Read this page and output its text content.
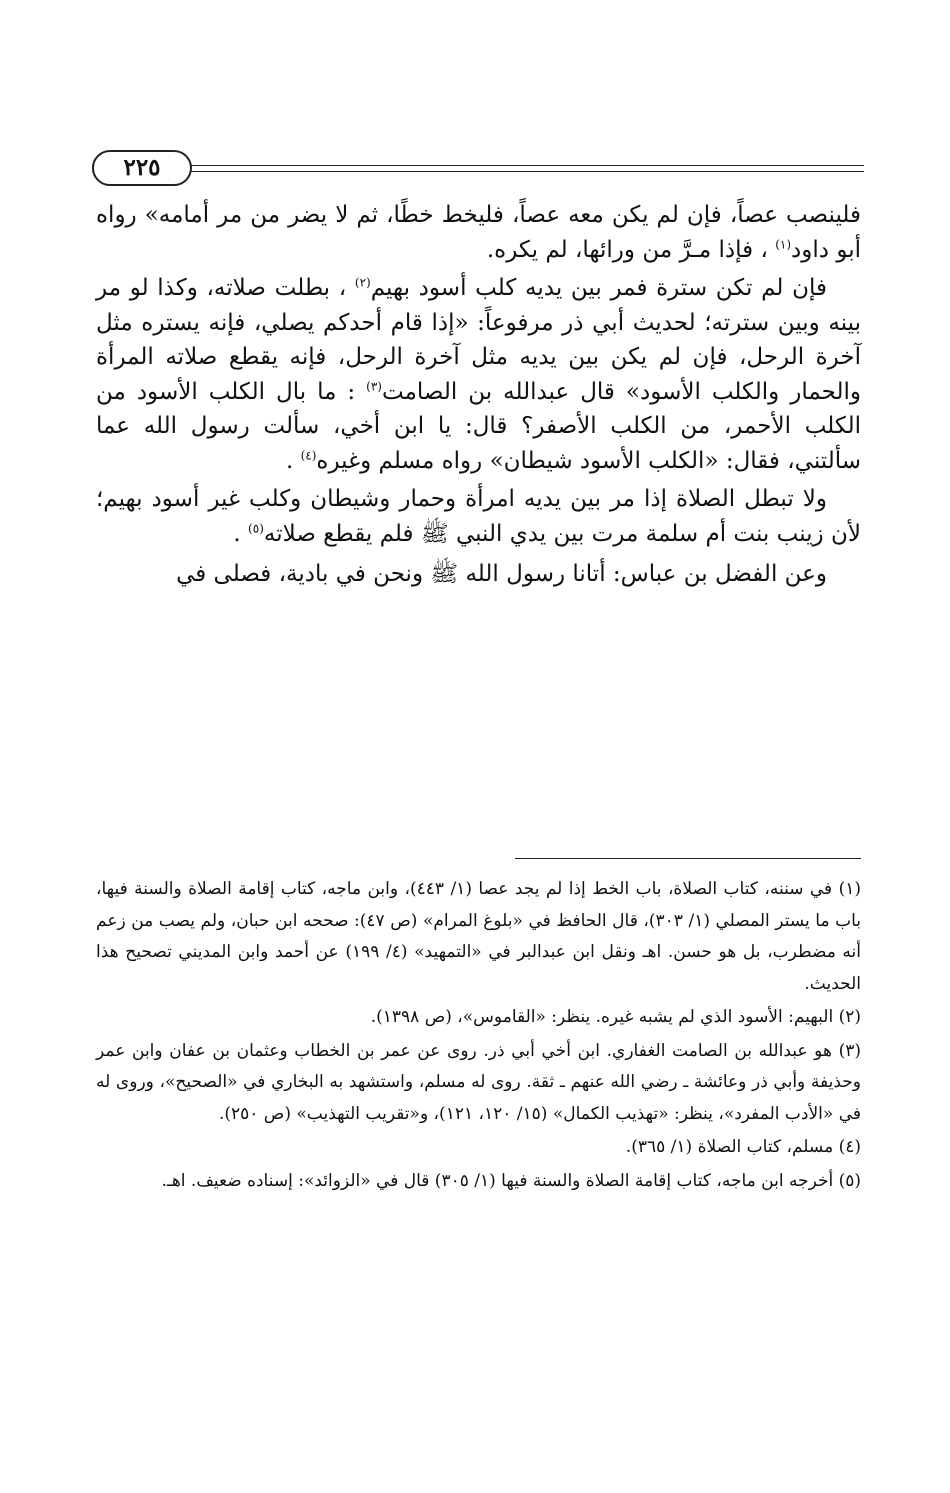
٢٢٥

فلينصب عصاً، فإن لم يكن معه عصاً، فليخط خطًا، ثم لا يضر من مر أمامه» رواه أبو داود$^{(١)}$ ، فإذا مـرَّ من ورائها، لم يكره.

فإن لم تكن سترة فمر بين يديه كلب أسود بهيم$^{(٢)}$ ، بطلت صلاته، وكذا لو مر بينه وبين سترته؛ لحديث أبي ذر مرفوعاً: «إذا قام أحدكم يصلي، فإنه يستره مثل آخرة الرحل، فإن لم يكن بين يديه مثل آخرة الرحل، فإنه يقطع صلاته المرأة والحمار والكلب الأسود» قال عبدالله بن الصامت$^{(٣)}$ : ما بال الكلب الأسود من الكلب الأحمر، من الكلب الأصفر؟ قال: يا ابن أخي، سألت رسول الله عما سألتني، فقال: «الكلب الأسود شيطان» رواه مسلم وغيره$^{(٤)}$ .

ولا تبطل الصلاة إذا مر بين يديه امرأة وحمار وشيطان وكلب غير أسود بهيم؛ لأن زينب بنت أم سلمة مرت بين يدي النبي ﷺ فلم يقطع صلاته$^{(٥)}$ .

وعن الفضل بن عباس: أتانا رسول الله ﷺ ونحن في بادية، فصلى في

(١) في سننه، كتاب الصلاة، باب الخط إذا لم يجد عصا (١/ ٤٤٣)، وابن ماجه، كتاب إقامة الصلاة والسنة فيها، باب ما يستر المصلي (١/ ٣٠٣)، قال الحافظ في «بلوغ المرام» (ص ٤٧): صححه ابن حبان، ولم يصب من زعم أنه مضطرب، بل هو حسن. اهـ ونقل ابن عبدالبر في «التمهيد» (٤/ ١٩٩) عن أحمد وابن المديني تصحيح هذا الحديث.

(٢) البهيم: الأسود الذي لم يشبه غيره. ينظر: «القاموس»، (ص ١٣٩٨).

(٣) هو عبدالله بن الصامت الغفاري. ابن أخي أبي ذر. روى عن عمر بن الخطاب وعثمان بن عفان وابن عمر وحذيفة وأبي ذر وعائشة ـ رضي الله عنهم ـ ثقة. روى له مسلم، واستشهد به البخاري في «الصحيح»، وروى له في «الأدب المفرد»، ينظر: «تهذيب الكمال» (١٥/ ١٢٠، ١٢١)، و«تقريب التهذيب» (ص ٢٥٠).

(٤) مسلم، كتاب الصلاة (١/ ٣٦٥).

(٥) أخرجه ابن ماجه، كتاب إقامة الصلاة والسنة فيها (١/ ٣٠٥) قال في «الزوائد»: إسناده ضعيف. اهـ.
